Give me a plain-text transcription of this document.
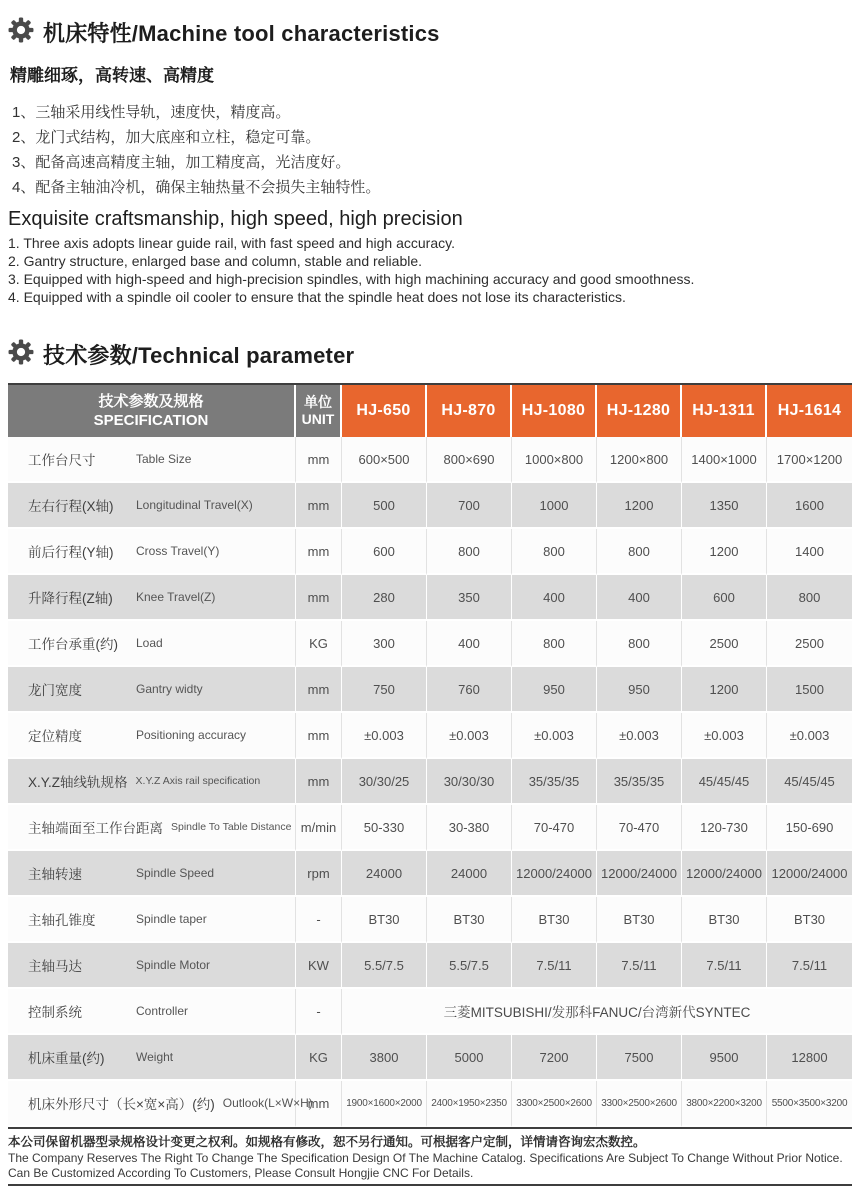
机床特性/Machine tool characteristics
精雕细琢，高转速、高精度
1、三轴采用线性导轨，速度快，精度高。
2、龙门式结构，加大底座和立柱，稳定可靠。
3、配备高速高精度主轴，加工精度高，光洁度好。
4、配备主轴油冷机，确保主轴热量不会损失主轴特性。
Exquisite craftsmanship, high speed, high precision
1. Three axis adopts linear guide rail, with fast speed and high accuracy.
2. Gantry structure, enlarged base and column, stable and reliable.
3. Equipped with high-speed and high-precision spindles, with high machining accuracy and good smoothness.
4. Equipped with a spindle oil cooler to ensure that the spindle heat does not lose its characteristics.
技术参数/Technical parameter
技术参数及规格
SPECIFICATION

单位
UNIT	HJ-650	HJ-870	HJ-1080	HJ-1280	HJ-1311	HJ-1614

工作台尺寸 Table Size	mm	600×500	800×690	1000×800	1200×800	1400×1000	1700×1200

左右行程(X轴) Longitudinal Travel(X)	mm	500	700	1000	1200	1350	1600

前后行程(Y轴) Cross Travel(Y)	mm	600	800	800	800	1200	1400

升降行程(Z轴) Knee Travel(Z)	mm	280	350	400	400	600	800

工作台承重(约) Load	KG	300	400	800	800	2500	2500

龙门宽度 Gantry widty	mm	750	760	950	950	1200	1500

定位精度 Positioning accuracy	mm	±0.003	±0.003	±0.003	±0.003	±0.003	±0.003

X.Y.Z轴线轨规格 X.Y.Z Axis rail specification	mm	30/30/25	30/30/30	35/35/35	35/35/35	45/45/45	45/45/45

主轴端面至工作台距离 Spindle To Table Distance	m/min	50-330	30-380	70-470	70-470	120-730	150-690

主轴转速 Spindle Speed	rpm	24000	24000	12000/24000	12000/24000	12000/24000	12000/24000

主轴孔锥度 Spindle taper	-	BT30	BT30	BT30	BT30	BT30	BT30

主轴马达 Spindle Motor	KW	5.5/7.5	5.5/7.5	7.5/11	7.5/11	7.5/11	7.5/11

控制系统 Controller	-	三菱MITSUBISHI/发那科FANUC/台湾新代SYNTEC					

机床重量(约) Weight	KG	3800	5000	7200	7500	9500	12800

机床外形尺寸（长×宽×高）(约) Outlook(L×W×H)	mm	1900×1600×2000	2400×1950×2350	3300×2500×2600	3300×2500×2600	3800×2200×3200	5500×3500×3200
本公司保留机器型录规格设计变更之权利。如规格有修改，恕不另行通知。可根据客户定制，详情请咨询宏杰数控。
The Company Reserves The Right To Change The Specification Design Of The Machine Catalog. Specifications Are Subject To Change Without Prior Notice. Can Be Customized According To Customers, Please Consult Hongjie CNC For Details.
